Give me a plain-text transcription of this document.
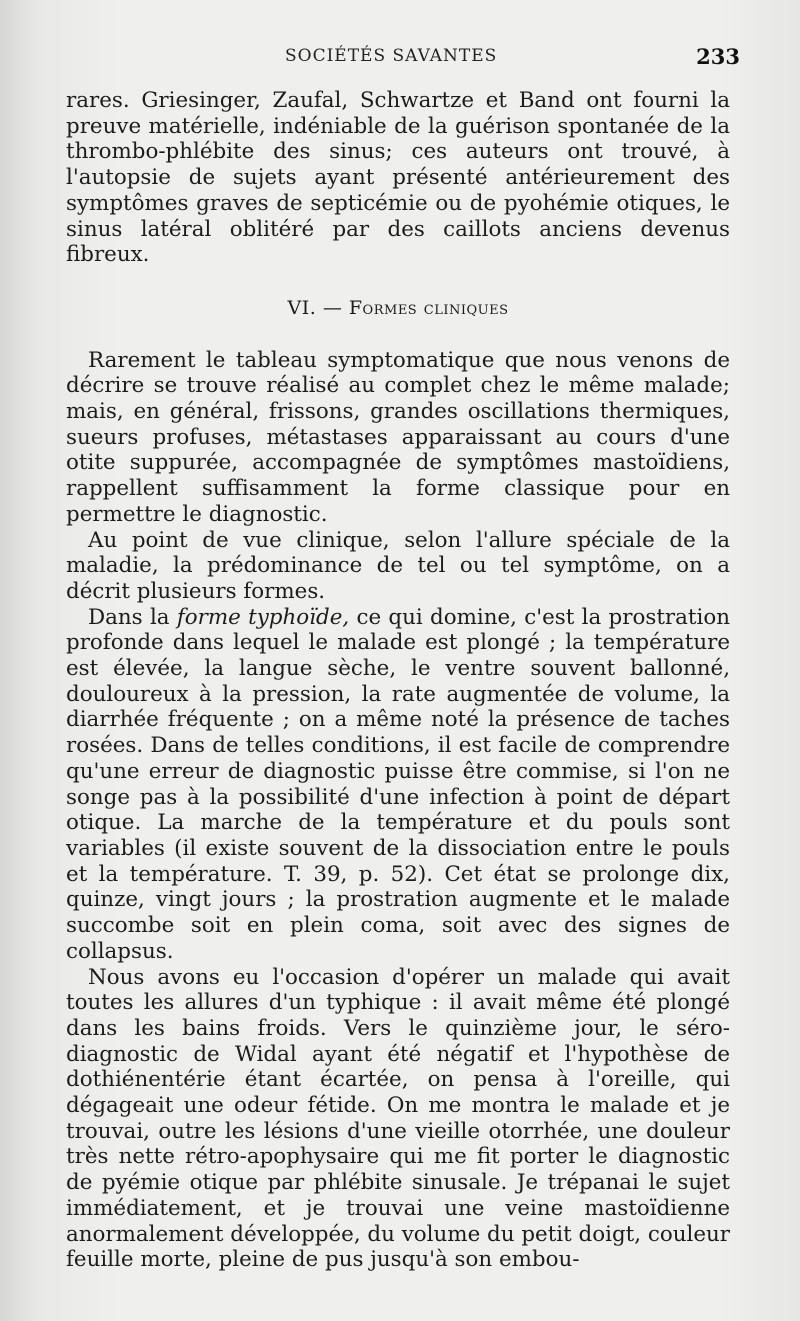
SOCIÉTÉS SAVANTES	233

rares. Griesinger, Zaufal, Schwartze et Band ont fourni la preuve matérielle, indéniable de la guérison spontanée de la thrombo-phlébite des sinus; ces auteurs ont trouvé, à l'autopsie de sujets ayant présenté antérieurement des symptômes graves de septicémie ou de pyohémie otiques, le sinus latéral oblitéré par des caillots anciens devenus fibreux.

VI. — Formes cliniques

Rarement le tableau symptomatique que nous venons de décrire se trouve réalisé au complet chez le même malade; mais, en général, frissons, grandes oscillations thermiques, sueurs profuses, métastases apparaissant au cours d'une otite suppurée, accompagnée de symptômes mastoïdiens, rappellent suffisamment la forme classique pour en permettre le diagnostic.

Au point de vue clinique, selon l'allure spéciale de la maladie, la prédominance de tel ou tel symptôme, on a décrit plusieurs formes.

Dans la forme typhoïde, ce qui domine, c'est la prostration profonde dans lequel le malade est plongé ; la température est élevée, la langue sèche, le ventre souvent ballonné, douloureux à la pression, la rate augmentée de volume, la diarrhée fréquente ; on a même noté la présence de taches rosées. Dans de telles conditions, il est facile de comprendre qu'une erreur de diagnostic puisse être commise, si l'on ne songe pas à la possibilité d'une infection à point de départ otique. La marche de la température et du pouls sont variables (il existe souvent de la dissociation entre le pouls et la température. T. 39, p. 52). Cet état se prolonge dix, quinze, vingt jours ; la prostration augmente et le malade succombe soit en plein coma, soit avec des signes de collapsus.

Nous avons eu l'occasion d'opérer un malade qui avait toutes les allures d'un typhique : il avait même été plongé dans les bains froids. Vers le quinzième jour, le séro-diagnostic de Widal ayant été négatif et l'hypothèse de dothiénentérie étant écartée, on pensa à l'oreille, qui dégageait une odeur fétide. On me montra le malade et je trouvai, outre les lésions d'une vieille otorrhée, une douleur très nette rétro-apophysaire qui me fit porter le diagnostic de pyémie otique par phlébite sinusale. Je trépanai le sujet immédiatement, et je trouvai une veine mastoïdienne anormalement développée, du volume du petit doigt, couleur feuille morte, pleine de pus jusqu'à son embou-
